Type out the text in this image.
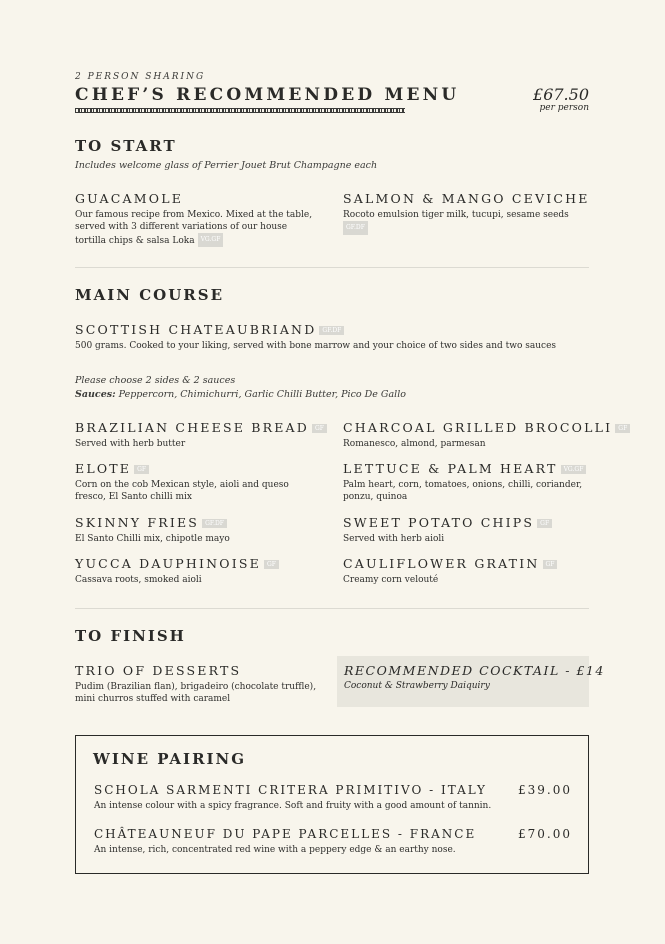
2 PERSON SHARING
CHEF’S RECOMMENDED MENU	£67.50
per person
TO START
Includes welcome glass of Perrier Jouet Brut Champagne each
GUACAMOLE
Our famous recipe from Mexico. Mixed at the table,
served with 3 different variations of our house
tortilla chips & salsa Loka VG.GF
SALMON & MANGO CEVICHE
Rocoto emulsion tiger milk, tucupi, sesame seeds
GF.DF
MAIN COURSE
SCOTTISH CHATEAUBRIAND GF.DF
500 grams. Cooked to your liking, served with bone marrow and your choice of two sides and two sauces
Please choose 2 sides & 2 sauces
Sauces: Peppercorn, Chimichurri, Garlic Chilli Butter, Pico De Gallo
BRAZILIAN CHEESE BREAD GF
Served with herb butter
CHARCOAL GRILLED BROCOLLI GF
Romanesco, almond, parmesan
ELOTE GF
Corn on the cob Mexican style, aioli and queso
fresco, El Santo chilli mix
LETTUCE & PALM HEART VG.GF
Palm heart, corn, tomatoes, onions, chilli, coriander,
ponzu, quinoa
SKINNY FRIES GF.DF
El Santo Chilli mix, chipotle mayo
SWEET POTATO CHIPS GF
Served with herb aioli
YUCCA DAUPHINOISE GF
Cassava roots, smoked aioli
CAULIFLOWER GRATIN GF
Creamy corn velouté
TO FINISH
TRIO OF DESSERTS
Pudim (Brazilian flan), brigadeiro (chocolate truffle),
mini churros stuffed with caramel
RECOMMENDED COCKTAIL - £14
Coconut & Strawberry Daiquiry
WINE PAIRING
SCHOLA SARMENTI CRITERA PRIMITIVO - ITALY	£39.00
An intense colour with a spicy fragrance. Soft and fruity with a good amount of tannin.
CHÂTEAUNEUF DU PAPE PARCELLES - FRANCE	£70.00
An intense, rich, concentrated red wine with a peppery edge & an earthy nose.
